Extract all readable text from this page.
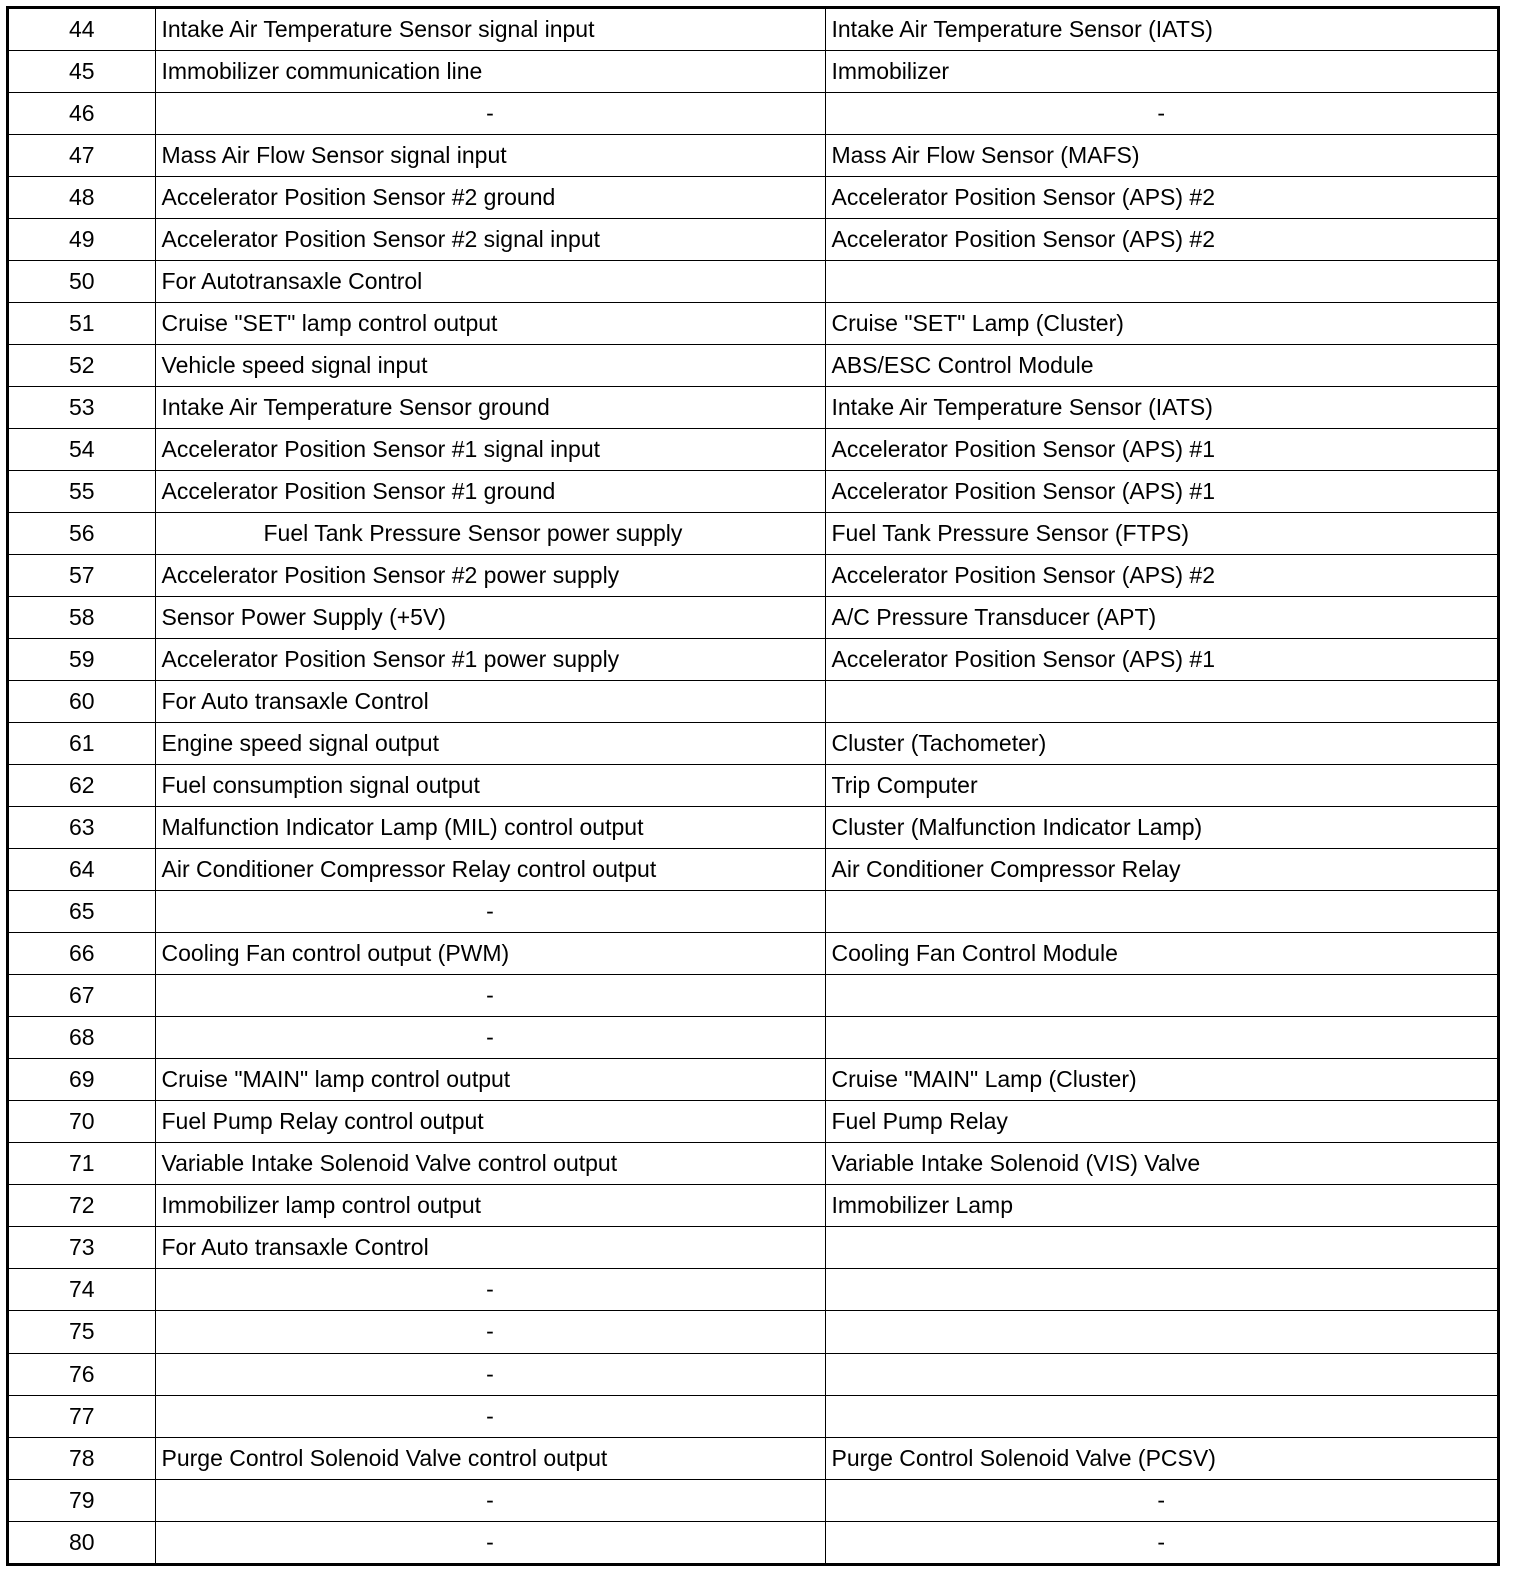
44	Intake Air Temperature Sensor signal input	Intake Air Temperature Sensor (IATS)
45	Immobilizer communication line	Immobilizer
46	-	-
47	Mass Air Flow Sensor signal input	Mass Air Flow Sensor (MAFS)
48	Accelerator Position Sensor #2 ground	Accelerator Position Sensor (APS) #2
49	Accelerator Position Sensor #2 signal input	Accelerator Position Sensor (APS) #2
50	For Autotransaxle Control	
51	Cruise "SET" lamp control output	Cruise "SET" Lamp (Cluster)
52	Vehicle speed signal input	ABS/ESC Control Module
53	Intake Air Temperature Sensor ground	Intake Air Temperature Sensor (IATS)
54	Accelerator Position Sensor #1 signal input	Accelerator Position Sensor (APS) #1
55	Accelerator Position Sensor #1 ground	Accelerator Position Sensor (APS) #1
56	Fuel Tank Pressure Sensor power supply	Fuel Tank Pressure Sensor (FTPS)
57	Accelerator Position Sensor #2 power supply	Accelerator Position Sensor (APS) #2
58	Sensor Power Supply (+5V)	A/C Pressure Transducer (APT)
59	Accelerator Position Sensor #1 power supply	Accelerator Position Sensor (APS) #1
60	For Auto transaxle Control	
61	Engine speed signal output	Cluster (Tachometer)
62	Fuel consumption signal output	Trip Computer
63	Malfunction Indicator Lamp (MIL) control output	Cluster (Malfunction Indicator Lamp)
64	Air Conditioner Compressor Relay control output	Air Conditioner Compressor Relay
65	-	
66	Cooling Fan control output (PWM)	Cooling Fan Control Module
67	-	
68	-	
69	Cruise "MAIN" lamp control output	Cruise "MAIN" Lamp (Cluster)
70	Fuel Pump Relay control output	Fuel Pump Relay
71	Variable Intake Solenoid Valve control output	Variable Intake Solenoid (VIS) Valve
72	Immobilizer lamp control output	Immobilizer Lamp
73	For Auto transaxle Control	
74	-	
75	-	
76	-	
77	-	
78	Purge Control Solenoid Valve control output	Purge Control Solenoid Valve (PCSV)
79	-	-
80	-	-
